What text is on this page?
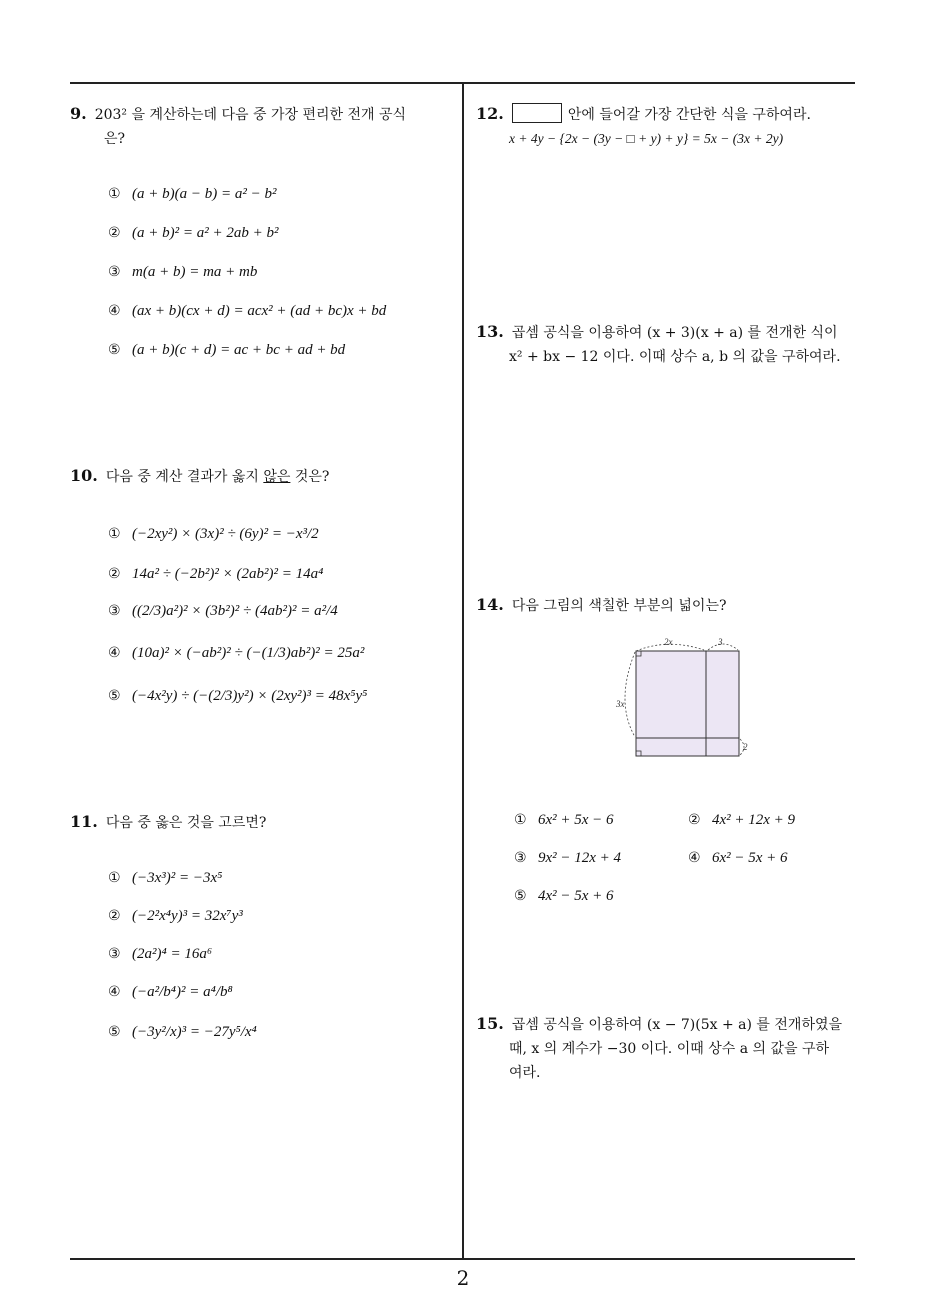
9. 203² 을 계산하는데 다음 중 가장 편리한 전개 공식
은?
① (a + b)(a − b) = a² − b²
② (a + b)² = a² + 2ab + b²
③ m(a + b) = ma + mb
④ (ax + b)(cx + d) = acx² + (ad + bc)x + bd
⑤ (a + b)(c + d) = ac + bc + ad + bd
10. 다음 중 계산 결과가 옳지 않은 것은?
① (−2xy²) × (3x)² ÷ (6y)² = −x³/2
② 14a² ÷ (−2b²)² × (2ab²)² = 14a⁴
③ ((2/3)a²)² × (3b²)² ÷ (4ab²)² = a²/4
④ (10a)² × (−ab²)² ÷ (−(1/3)ab²)² = 25a²
⑤ (−4x²y) ÷ (−(2/3)y²) × (2xy²)³ = 48x⁵y⁵
11. 다음 중 옳은 것을 고르면?
① (−3x³)² = −3x⁵
② (−2²x⁴y)³ = 32x⁷y³
③ (2a²)⁴ = 16a⁶
④ (−a²/b⁴)² = a⁴/b⁸
⑤ (−3y²/x)³ = −27y⁵/x⁴
12.	안에 들어갈 가장 간단한 식을 구하여라.
x + 4y − {2x − (3y − □ + y) + y} = 5x − (3x + 2y)
13. 곱셈 공식을 이용하여 (x + 3)(x + a) 를 전개한 식이
x² + bx − 12 이다. 이때 상수 a, b 의 값을 구하여라.
14. 다음 그림의 색칠한 부분의 넓이는?
2x	3
3x
2
① 6x² + 5x − 6	② 4x² + 12x + 9
③ 9x² − 12x + 4	④ 6x² − 5x + 6
⑤ 4x² − 5x + 6
15. 곱셈 공식을 이용하여 (x − 7)(5x + a) 를 전개하였을
때, x 의 계수가 −30 이다. 이때 상수 a 의 값을 구하
여라.
2
